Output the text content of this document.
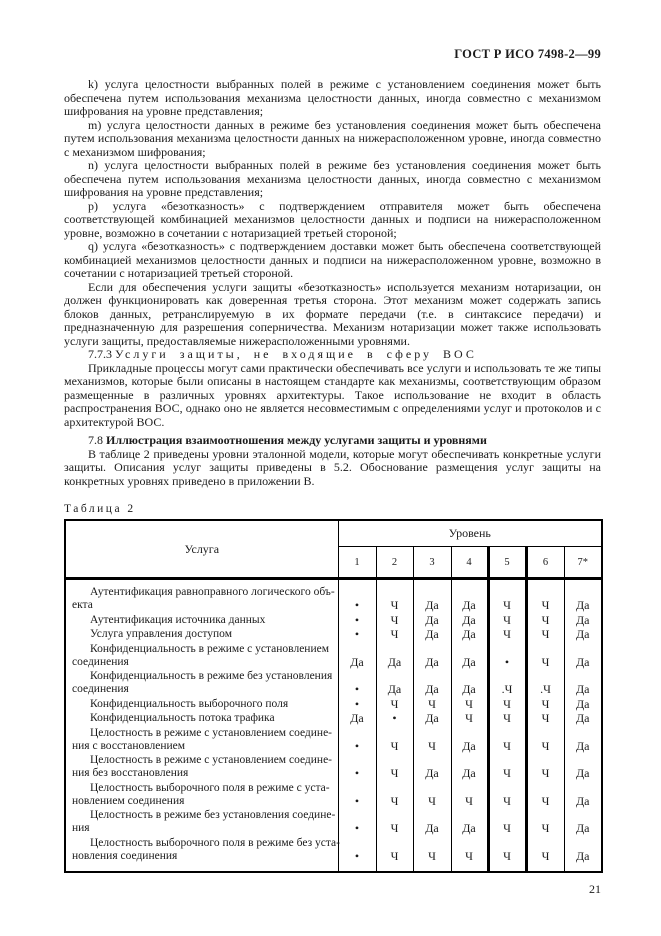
ГОСТ Р ИСО 7498-2—99

k) услуга целостности выбранных полей в режиме с установлением соединения может быть обеспечена путем использования механизма целостности данных, иногда совместно с механизмом шифрования на уровне представления;

m) услуга целостности данных в режиме без установления соединения может быть обеспечена путем использования механизма целостности данных на нижерасположенном уровне, иногда совместно с механизмом шифрования;

n) услуга целостности выбранных полей в режиме без установления соединения может быть обеспечена путем использования механизма целостности данных, иногда совместно с механизмом шифрования на уровне представления;

p) услуга «безотказность» с подтверждением отправителя может быть обеспечена соответствующей комбинацией механизмов целостности данных и подписи на нижерасположенном уровне, возможно в сочетании с нотаризацией третьей стороной;

q) услуга «безотказность» с подтверждением доставки может быть обеспечена соответствующей комбинацией механизмов целостности данных и подписи на нижерасположенном уровне, возможно в сочетании с нотаризацией третьей стороной.

Если для обеспечения услуги защиты «безотказность» используется механизм нотаризации, он должен функционировать как доверенная третья сторона. Этот механизм может содержать запись блоков данных, ретранслируемую в их формате передачи (т.е. в синтаксисе передачи) и предназначенную для разрешения соперничества. Механизм нотаризации может также использовать услуги защиты, предоставляемые нижерасположенными уровнями.

7.7.3 Услуги защиты, не входящие в сферу ВОС

Прикладные процессы могут сами практически обеспечивать все услуги и использовать те же типы механизмов, которые были описаны в настоящем стандарте как механизмы, соответствующим образом размещенные в различных уровнях архитектуры. Такое использование не входит в область распространения ВОС, однако оно не является несовместимым с определениями услуг и протоколов и с архитектурой ВОС.

7.8 Иллюстрация взаимоотношения между услугами защиты и уровнями

В таблице 2 приведены уровни эталонной модели, которые могут обеспечивать конкретные услуги защиты. Описания услуг защиты приведены в 5.2. Обоснование размещения услуг защиты на конкретных уровнях приведено в приложении В.

Таблица 2
Услуга	Уровень						
	1	2	3	4	5	6	7*

Аутентификация равноправного логического объ-
екта	•	Ч	Да	Да	Ч	Ч	Да

Аутентификация источника данных	•	Ч	Да	Да	Ч	Ч	Да

Услуга управления доступом	•	Ч	Да	Да	Ч	Ч	Да

Конфиденциальность в режиме с установлением
соединения	Да	Да	Да	Да	•	Ч	Да

Конфиденциальность в режиме без установления
соединения	•	Да	Да	Да	.Ч	.Ч	Да

Конфиденциальность выборочного поля	•	Ч	Ч	Ч	Ч	Ч	Да

Конфиденциальность потока трафика	Да	•	Да	Ч	Ч	Ч	Да

Целостность в режиме с установлением соедине-
ния с восстановлением	•	Ч	Ч	Да	Ч	Ч	Да

Целостность в режиме с установлением соедине-
ния без восстановления	•	Ч	Да	Да	Ч	Ч	Да

Целостность выборочного поля в режиме с уста-
новлением соединения	•	Ч	Ч	Ч	Ч	Ч	Да

Целостность в режиме без установления соедине-
ния	•	Ч	Да	Да	Ч	Ч	Да

Целостность выборочного поля в режиме без уста-
новления соединения	•	Ч	Ч	Ч	Ч	Ч	Да
21
